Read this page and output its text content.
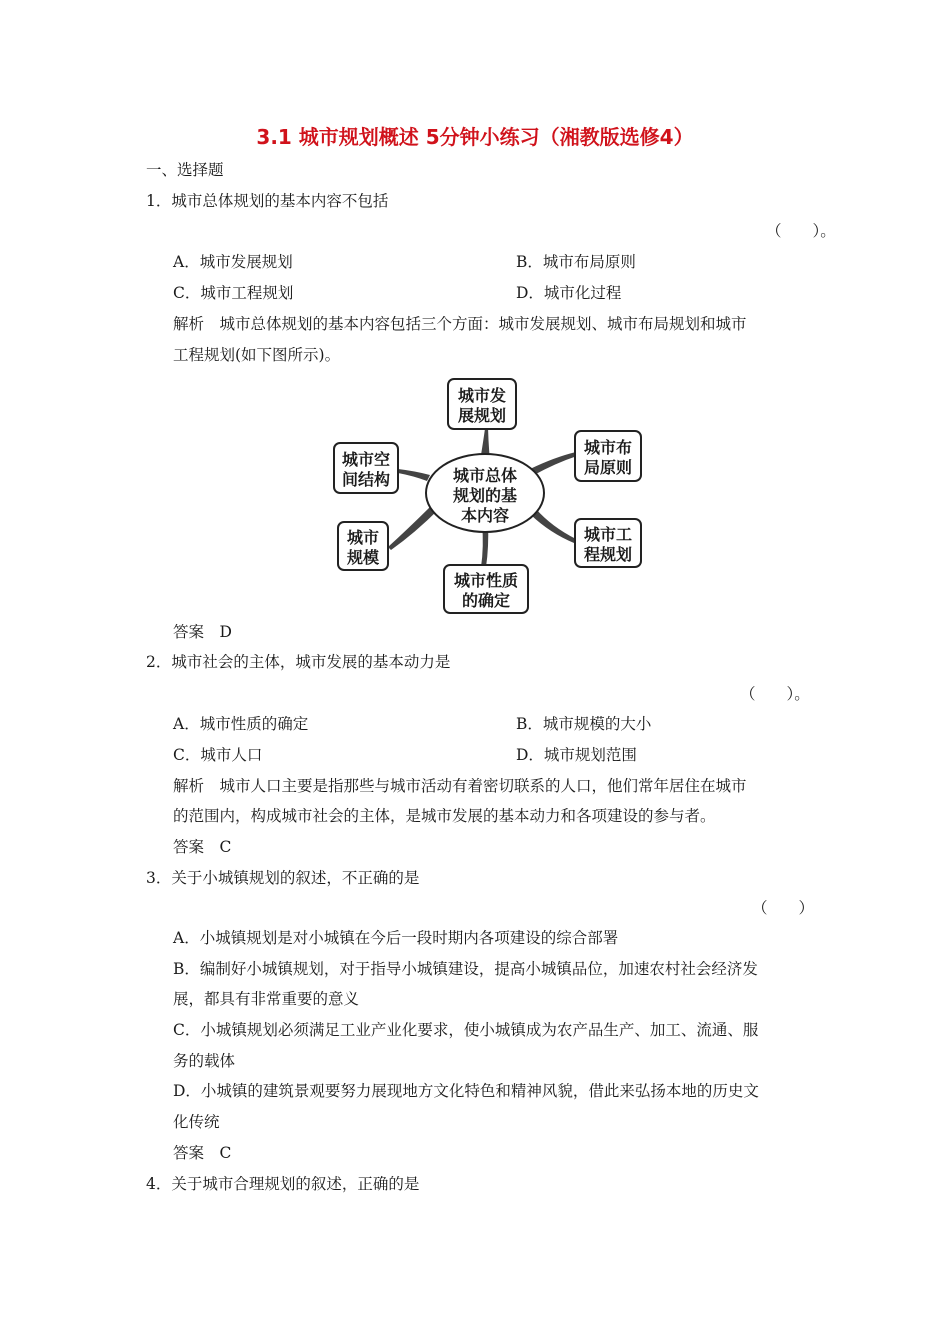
3.1 城市规划概述 5分钟小练习（湘教版选修4）
一、选择题
1．城市总体规划的基本内容不包括
（　　）。
A．城市发展规划	B．城市布局原则
C．城市工程规划	D．城市化过程
解析　城市总体规划的基本内容包括三个方面：城市发展规划、城市布局规划和城市
工程规划(如下图所示)。
城市总体
规划的基
本内容
城市发
展规划
城市布
局原则
城市工
程规划
城市性质
的确定
城市
规模
城市空
间结构
答案　D
2．城市社会的主体，城市发展的基本动力是
（　　）。
A．城市性质的确定	B．城市规模的大小
C．城市人口	D．城市规划范围
解析　城市人口主要是指那些与城市活动有着密切联系的人口，他们常年居住在城市
的范围内，构成城市社会的主体，是城市发展的基本动力和各项建设的参与者。
答案　C
3．关于小城镇规划的叙述，不正确的是
（　　）
A．小城镇规划是对小城镇在今后一段时期内各项建设的综合部署
B．编制好小城镇规划，对于指导小城镇建设，提高小城镇品位，加速农村社会经济发
展，都具有非常重要的意义
C．小城镇规划必须满足工业产业化要求，使小城镇成为农产品生产、加工、流通、服
务的载体
D．小城镇的建筑景观要努力展现地方文化特色和精神风貌，借此来弘扬本地的历史文
化传统
答案　C
4．关于城市合理规划的叙述，正确的是
